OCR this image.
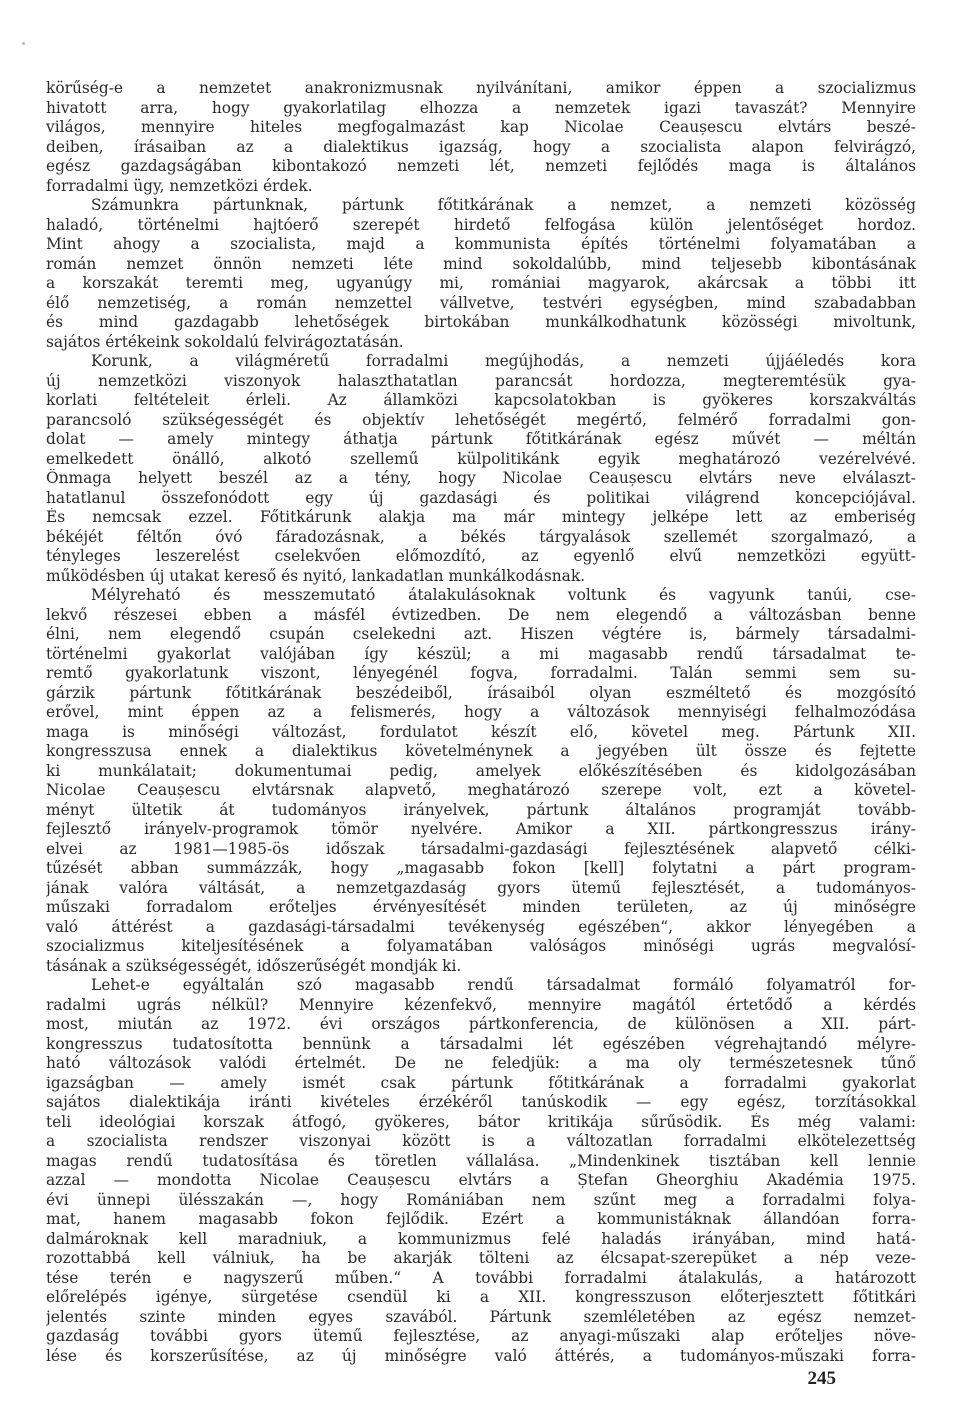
körűség-e a nemzetet anakronizmusnak nyilvánítani, amikor éppen a szocializmus
hivatott arra, hogy gyakorlatilag elhozza a nemzetek igazi tavaszát? Mennyire
világos, mennyire hiteles megfogalmazást kap Nicolae Ceaușescu elvtárs beszé-
deiben, írásaiban az a dialektikus igazság, hogy a szocialista alapon felvirágzó,
egész gazdagságában kibontakozó nemzeti lét, nemzeti fejlődés maga is általános
forradalmi ügy, nemzetközi érdek.
Számunkra pártunknak, pártunk főtitkárának a nemzet, a nemzeti közösség
haladó, történelmi hajtóerő szerepét hirdető felfogása külön jelentőséget hordoz.
Mint ahogy a szocialista, majd a kommunista építés történelmi folyamatában a
román nemzet önnön nemzeti léte mind sokoldalúbb, mind teljesebb kibontásának
a korszakát teremti meg, ugyanúgy mi, romániai magyarok, akárcsak a többi itt
élő nemzetiség, a román nemzettel vállvetve, testvéri egységben, mind szabadabban
és mind gazdagabb lehetőségek birtokában munkálkodhatunk közösségi mivoltunk,
sajátos értékeink sokoldalú felvirágoztatásán.
Korunk, a világméretű forradalmi megújhodás, a nemzeti újjáéledés kora
új nemzetközi viszonyok halaszthatatlan parancsát hordozza, megteremtésük gya-
korlati feltételeit érleli. Az államközi kapcsolatokban is gyökeres korszakváltás
parancsoló szükségességét és objektív lehetőségét megértő, felmérő forradalmi gon-
dolat — amely mintegy áthatja pártunk főtitkárának egész művét — méltán
emelkedett önálló, alkotó szellemű külpolitikánk egyik meghatározó vezérelvévé.
Önmaga helyett beszél az a tény, hogy Nicolae Ceaușescu elvtárs neve elválaszt-
hatatlanul összefonódott egy új gazdasági és politikai világrend koncepciójával.
És nemcsak ezzel. Főtitkárunk alakja ma már mintegy jelképe lett az emberiség
békéjét féltőn óvó fáradozásnak, a békés tárgyalások szellemét szorgalmazó, a
tényleges leszerelést cselekvően előmozdító, az egyenlő elvű nemzetközi együtt-
működésben új utakat kereső és nyitó, lankadatlan munkálkodásnak.
Mélyreható és messzemutató átalakulásoknak voltunk és vagyunk tanúi, cse-
lekvő részesei ebben a másfél évtizedben. De nem elegendő a változásban benne
élni, nem elegendő csupán cselekedni azt. Hiszen végtére is, bármely társadalmi-
történelmi gyakorlat valójában így készül; a mi magasabb rendű társadalmat te-
remtő gyakorlatunk viszont, lényegénél fogva, forradalmi. Talán semmi sem su-
gárzik pártunk főtitkárának beszédeiből, írásaiból olyan eszméltető és mozgósító
erővel, mint éppen az a felismerés, hogy a változások mennyiségi felhalmozódása
maga is minőségi változást, fordulatot készít elő, követel meg. Pártunk XII.
kongresszusa ennek a dialektikus követelménynek a jegyében ült össze és fejtette
ki munkálatait; dokumentumai pedig, amelyek előkészítésében és kidolgozásában
Nicolae Ceaușescu elvtársnak alapvető, meghatározó szerepe volt, ezt a követel-
ményt ültetik át tudományos irányelvek, pártunk általános programját tovább-
fejlesztő irányelv-programok tömör nyelvére. Amikor a XII. pártkongresszus irány-
elvei az 1981—1985-ös időszak társadalmi-gazdasági fejlesztésének alapvető célki-
tűzését abban summázzák, hogy „magasabb fokon [kell] folytatni a párt program-
jának valóra váltását, a nemzetgazdaság gyors ütemű fejlesztését, a tudományos-
műszaki forradalom erőteljes érvényesítését minden területen, az új minőségre
való áttérést a gazdasági-társadalmi tevékenység egészében“, akkor lényegében a
szocializmus kiteljesítésének a folyamatában valóságos minőségi ugrás megvalósí-
tásának a szükségességét, időszerűségét mondják ki.
Lehet-e egyáltalán szó magasabb rendű társadalmat formáló folyamatról for-
radalmi ugrás nélkül? Mennyire kézenfekvő, mennyire magától értetődő a kérdés
most, miután az 1972. évi országos pártkonferencia, de különösen a XII. párt-
kongresszus tudatosította bennünk a társadalmi lét egészében végrehajtandó mélyre-
ható változások valódi értelmét. De ne feledjük: a ma oly természetesnek tűnő
igazságban — amely ismét csak pártunk főtitkárának a forradalmi gyakorlat
sajátos dialektikája iránti kivételes érzékéről tanúskodik — egy egész, torzításokkal
teli ideológiai korszak átfogó, gyökeres, bátor kritikája sűrűsödik. És még valami:
a szocialista rendszer viszonyai között is a változatlan forradalmi elkötelezettség
magas rendű tudatosítása és töretlen vállalása. „Mindenkinek tisztában kell lennie
azzal — mondotta Nicolae Ceaușescu elvtárs a Ștefan Gheorghiu Akadémia 1975.
évi ünnepi ülésszakán —, hogy Romániában nem szűnt meg a forradalmi folya-
mat, hanem magasabb fokon fejlődik. Ezért a kommunistáknak állandóan forra-
dalmároknak kell maradniuk, a kommunizmus felé haladás irányában, mind hatá-
rozottabbá kell válniuk, ha be akarják tölteni az élcsapat-szerepüket a nép veze-
tése terén e nagyszerű műben.“ A további forradalmi átalakulás, a határozott
előrelépés igénye, sürgetése csendül ki a XII. kongresszuson előterjesztett főtitkári
jelentés szinte minden egyes szavából. Pártunk szemléletében az egész nemzet-
gazdaság további gyors ütemű fejlesztése, az anyagi-műszaki alap erőteljes növe-
lése és korszerűsítése, az új minőségre való áttérés, a tudományos-műszaki forra-
245
